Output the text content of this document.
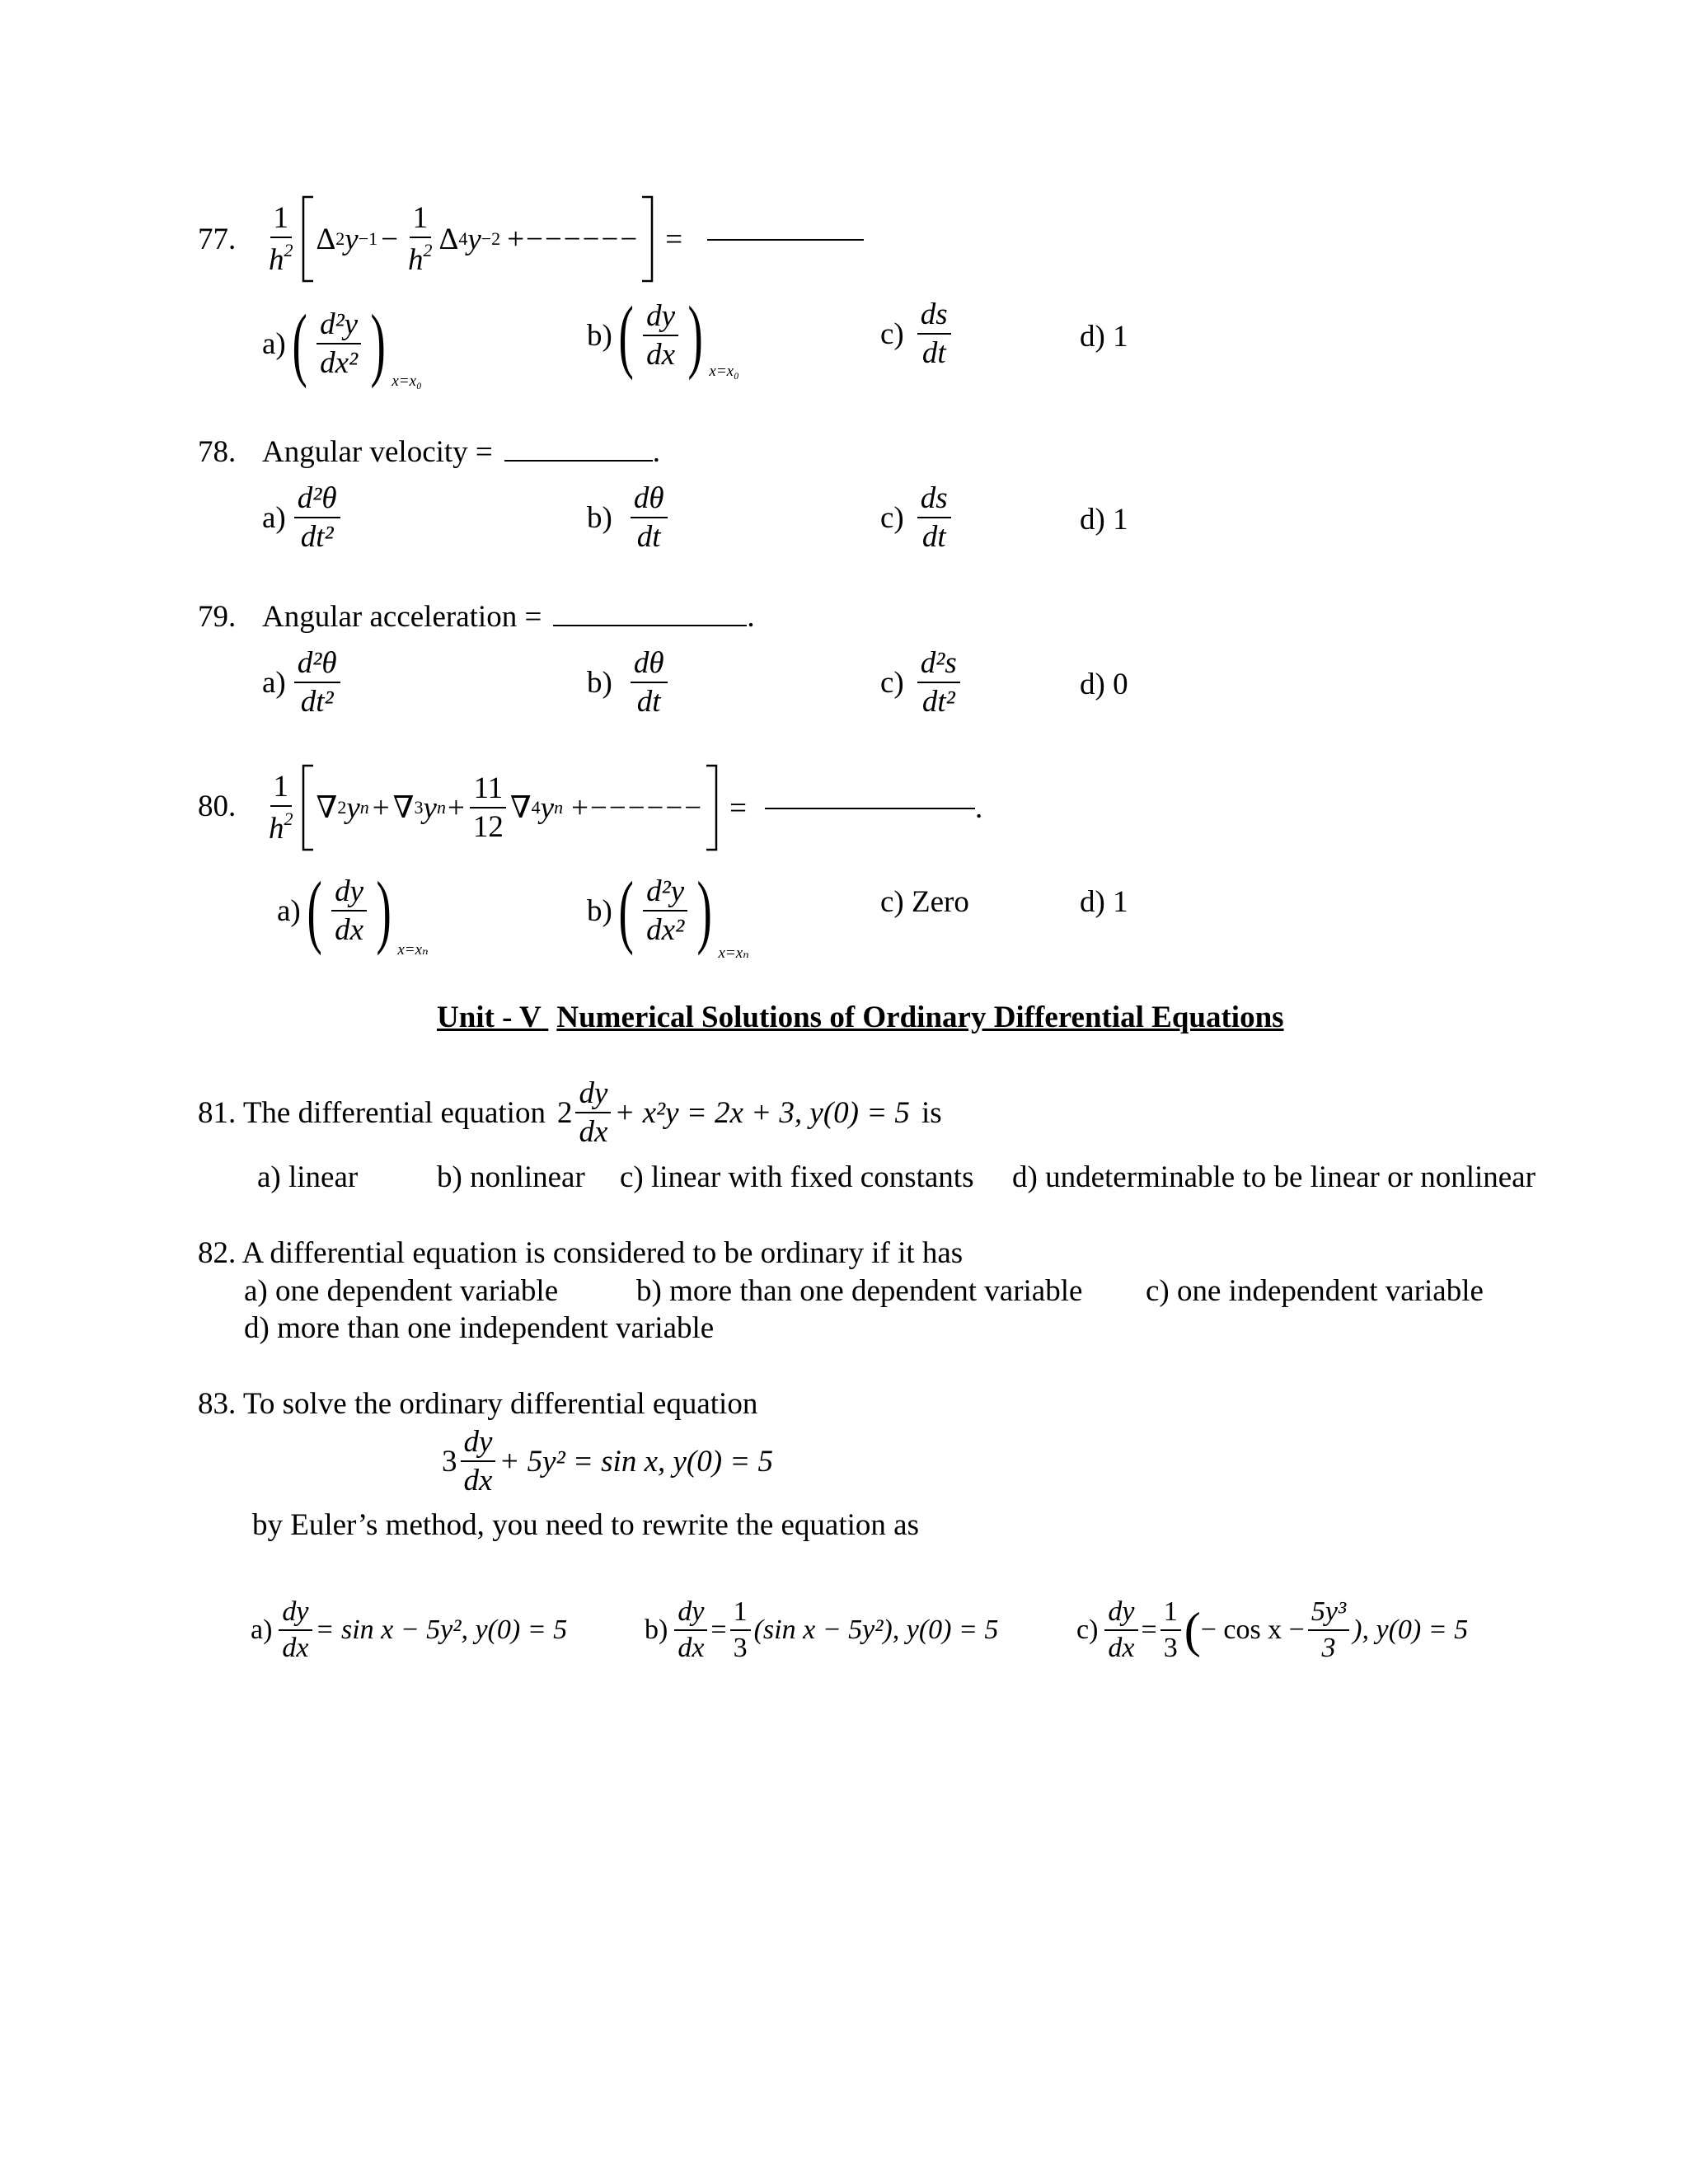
77. $\frac{1}{h^2}$ Δ 2 $y -1 - \frac{1}{h^2}$ Δ 4 y −2 +−−−−−− =
a) ( $\frac{\text{d²y}}{\text{dx²}}$ ) x=x₀
b) ( $\frac{dy}{dx}$ ) x=x₀
$c) \frac{ds}{dt}$	d) 1
78. Angular velocity =	.
$a) \frac{\text{d²θ}}{\text{dt²}}$	$b) \frac{d\theta}{dt}$	$c) \frac{ds}{dt}$	d) 1
79. Angular acceleration =	.
$a) \frac{\text{d²θ}}{\text{dt²}}$	$b) \frac{d\theta}{dt}$	$c) \frac{\text{d²s}}{\text{dt²}}$	d) 0
80. $\frac{1}{h^2}$ ∇ 2 y n + ∇ 3 y $n + \frac{11}{12}$ ∇ 4 y n +−−−−−− =	.
a) ( $\frac{dy}{dx}$ ) x=xₙ
b) ( $\frac{\text{d²y}}{\text{dx²}}$ ) x=xₙ
c) Zero	d) 1
Unit - V Numerical Solutions of Ordinary Differential Equations
81. The differential equation $2 \frac{dy}{dx} + x^2y = 2x + 3$, y(0) = 5 is
a) linear	b) nonlinear c) linear with fixed constants d) undeterminable to be linear or nonlinear
82. A differential equation is considered to be ordinary if it has
a) one dependent variable	b) more than one dependent variable c) one independent variable
d) more than one independent variable
83. To solve the ordinary differential equation
$3 \frac{dy}{dx} + 5y^2 = \sin x$, y(0) = 5
by Euler’s method, you need to rewrite the equation as
$a) \frac{dy}{dx} = \sin x - 5y^2$, y(0) = 5	$b) \frac{dy}{dx} = \frac{1}{3} (\sin$ x − 5y²), y(0) = 5	$c) \frac{dy}{dx} = \frac{1}{3}$ ( − $\cos x - \frac{\text{5y³}}{3}$ ), y(0) = 5
